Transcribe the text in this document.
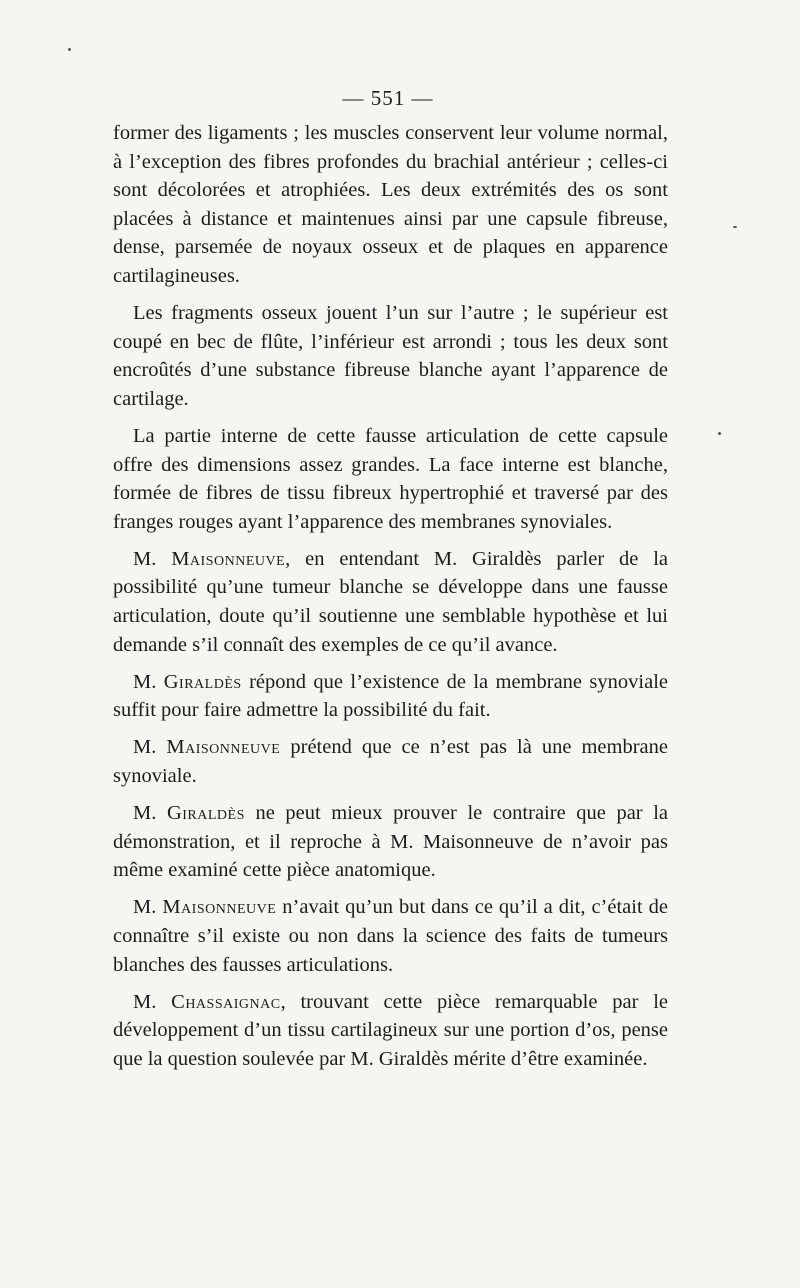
— 551 —

former des ligaments ; les muscles conservent leur volume normal, à l’exception des fibres profondes du brachial antérieur ; celles-ci sont décolorées et atrophiées. Les deux extrémités des os sont placées à distance et maintenues ainsi par une capsule fibreuse, dense, parsemée de noyaux osseux et de plaques en apparence cartilagineuses.

Les fragments osseux jouent l’un sur l’autre ; le supérieur est coupé en bec de flûte, l’inférieur est arrondi ; tous les deux sont encroûtés d’une substance fibreuse blanche ayant l’apparence de cartilage.

La partie interne de cette fausse articulation de cette capsule offre des dimensions assez grandes. La face interne est blanche, formée de fibres de tissu fibreux hypertrophié et traversé par des franges rouges ayant l’apparence des membranes synoviales.

M. Maisonneuve, en entendant M. Giraldès parler de la possibilité qu’une tumeur blanche se développe dans une fausse articulation, doute qu’il soutienne une semblable hypothèse et lui demande s’il connaît des exemples de ce qu’il avance.

M. Giraldès répond que l’existence de la membrane synoviale suffit pour faire admettre la possibilité du fait.

M. Maisonneuve prétend que ce n’est pas là une membrane synoviale.

M. Giraldès ne peut mieux prouver le contraire que par la démonstration, et il reproche à M. Maisonneuve de n’avoir pas même examiné cette pièce anatomique.

M. Maisonneuve n’avait qu’un but dans ce qu’il a dit, c’était de connaître s’il existe ou non dans la science des faits de tumeurs blanches des fausses articulations.

M. Chassaignac, trouvant cette pièce remarquable par le développement d’un tissu cartilagineux sur une portion d’os, pense que la question soulevée par M. Giraldès mérite d’être examinée.
